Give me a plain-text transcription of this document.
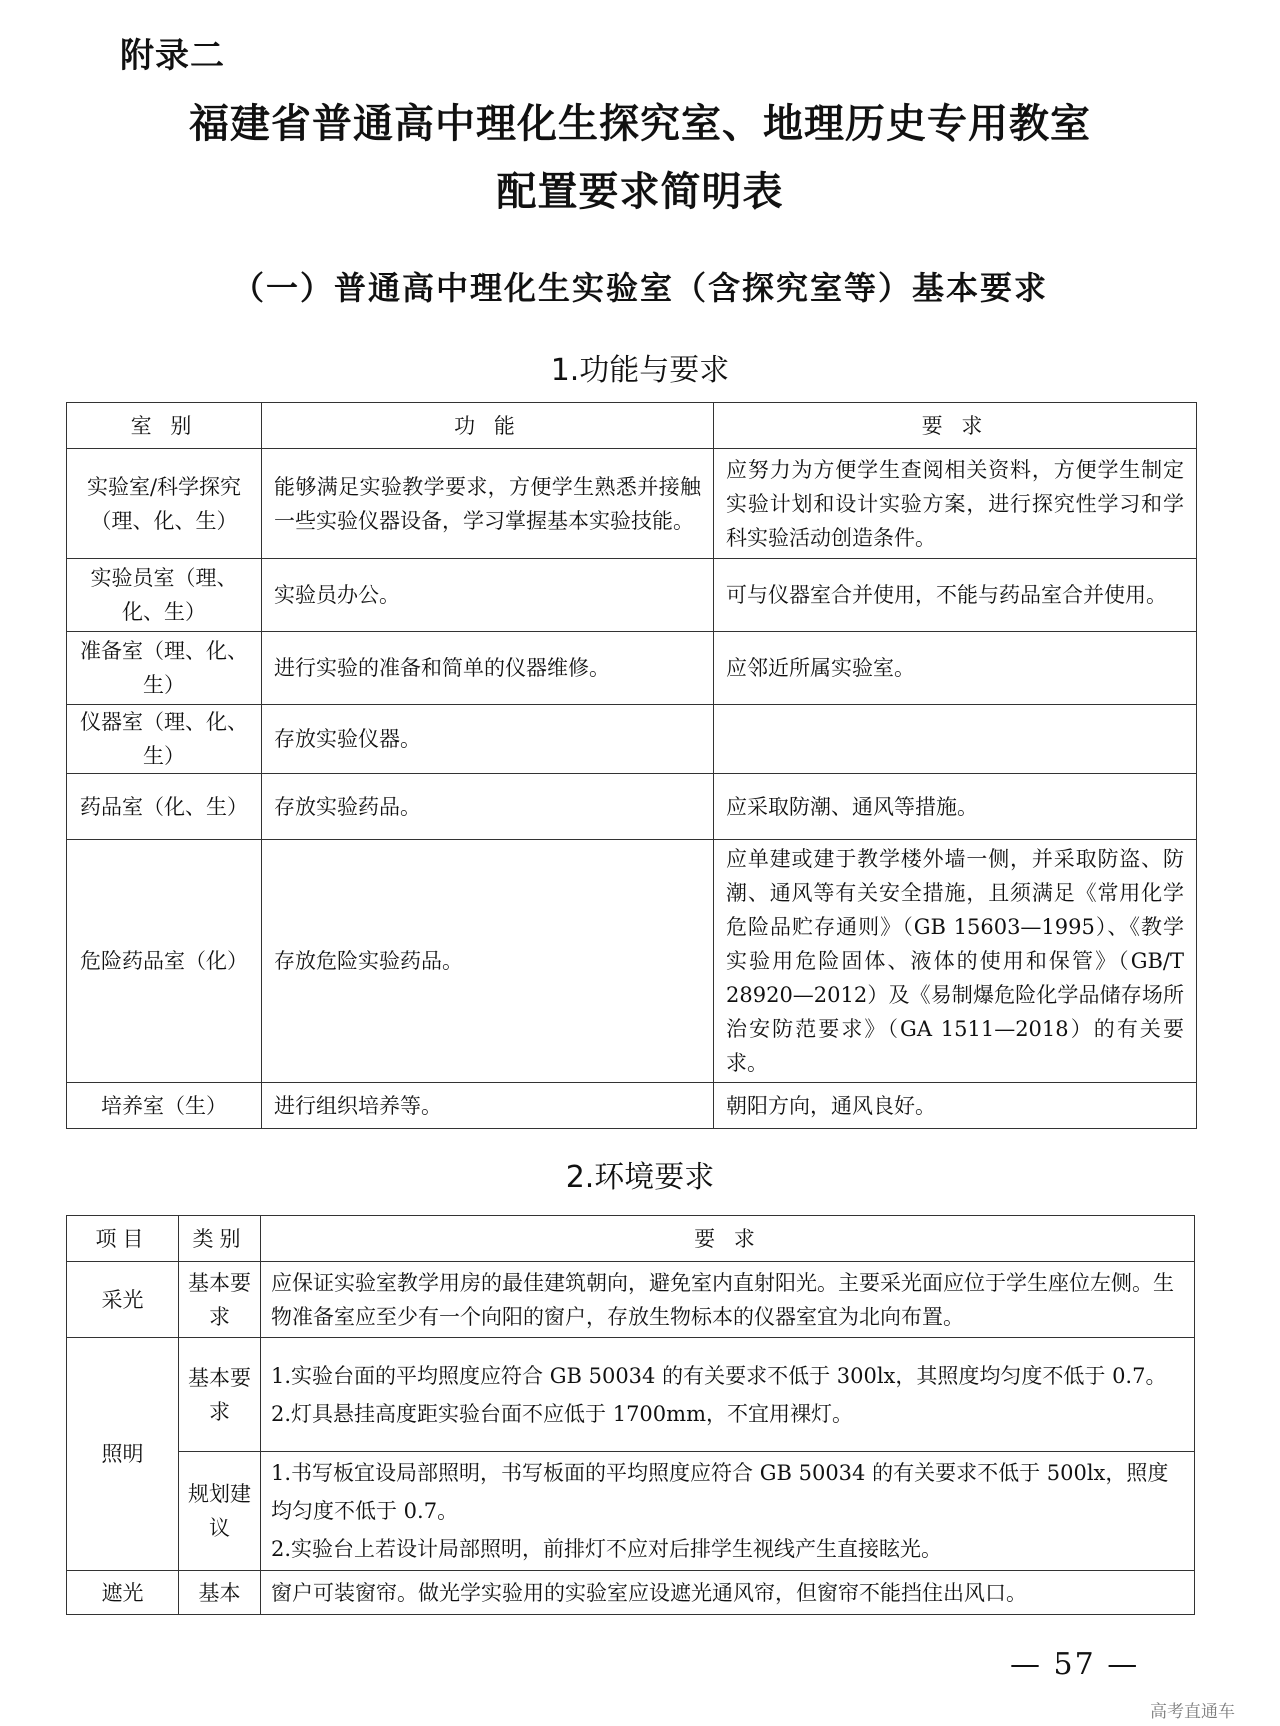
附录二
福建省普通高中理化生探究室、地理历史专用教室
配置要求简明表
（一）普通高中理化生实验室（含探究室等）基本要求
1.功能与要求
室 别	功 能	要 求
实验室/科学探究（理、化、生）	能够满足实验教学要求，方便学生熟悉并接触一些实验仪器设备，学习掌握基本实验技能。	应努力为方便学生查阅相关资料，方便学生制定实验计划和设计实验方案，进行探究性学习和学科实验活动创造条件。
实验员室（理、化、生）	实验员办公。	可与仪器室合并使用，不能与药品室合并使用。
准备室（理、化、生）	进行实验的准备和简单的仪器维修。	应邻近所属实验室。
仪器室（理、化、生）	存放实验仪器。	
药品室（化、生）	存放实验药品。	应采取防潮、通风等措施。
危险药品室（化）	存放危险实验药品。	应单建或建于教学楼外墙一侧，并采取防盗、防潮、通风等有关安全措施，且须满足《常用化学危险品贮存通则》（GB 15603—1995）、《教学实验用危险固体、液体的使用和保管》（GB/T 28920—2012）及《易制爆危险化学品储存场所治安防范要求》（GA 1511—2018）的有关要求。
培养室（生）	进行组织培养等。	朝阳方向，通风良好。
2.环境要求
项目	类别	要 求
采光	基本要求	应保证实验室教学用房的最佳建筑朝向，避免室内直射阳光。主要采光面应位于学生座位左侧。生物准备室应至少有一个向阳的窗户，存放生物标本的仪器室宜为北向布置。
照明	基本要求	1.实验台面的平均照度应符合 GB 50034 的有关要求不低于 300lx，其照度均匀度不低于 0.7。
2.灯具悬挂高度距实验台面不应低于 1700mm，不宜用裸灯。

	规划建议	1.书写板宜设局部照明，书写板面的平均照度应符合 GB 50034 的有关要求不低于 500lx，照度均匀度不低于 0.7。
2.实验台上若设计局部照明，前排灯不应对后排学生视线产生直接眩光。

遮光	基本	窗户可装窗帘。做光学实验用的实验室应设遮光通风帘，但窗帘不能挡住出风口。
— 57 —
高考直通车
